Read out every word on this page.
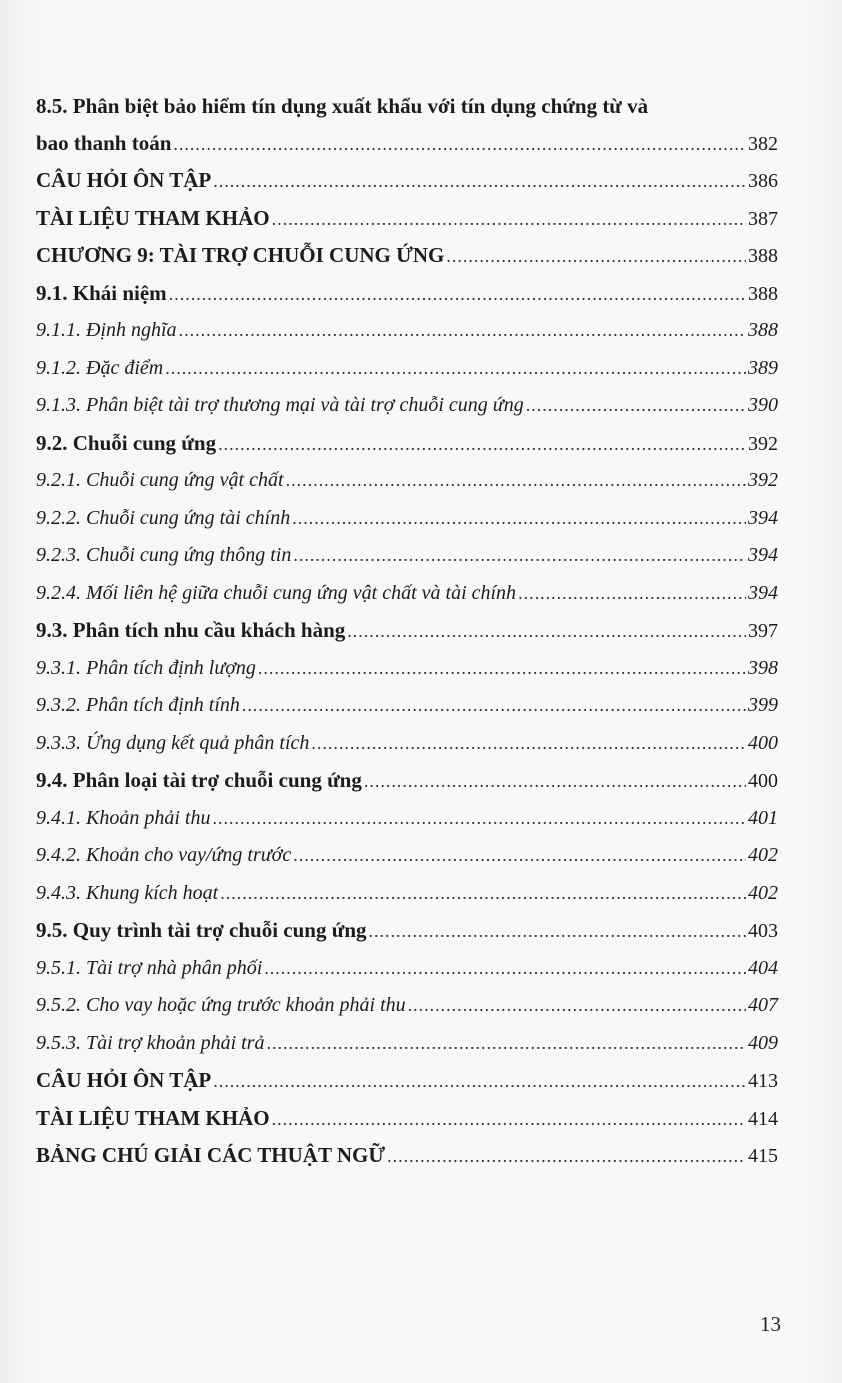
8.5. Phân biệt bảo hiểm tín dụng xuất khẩu với tín dụng chứng từ và
bao thanh toán .....	382
CÂU HỎI ÔN TẬP .....	386
TÀI LIỆU THAM KHẢO .....	387
CHƯƠNG 9: TÀI TRỢ CHUỖI CUNG ỨNG .....	388
9.1. Khái niệm .....	388
9.1.1. Định nghĩa .....	388
9.1.2. Đặc điểm .....	389
9.1.3. Phân biệt tài trợ thương mại và tài trợ chuỗi cung ứng .....	390
9.2. Chuỗi cung ứng .....	392
9.2.1. Chuỗi cung ứng vật chất .....	392
9.2.2. Chuỗi cung ứng tài chính .....	394
9.2.3. Chuỗi cung ứng thông tin .....	394
9.2.4. Mối liên hệ giữa chuỗi cung ứng vật chất và tài chính .....	394
9.3. Phân tích nhu cầu khách hàng .....	397
9.3.1. Phân tích định lượng .....	398
9.3.2. Phân tích định tính .....	399
9.3.3. Ứng dụng kết quả phân tích .....	400
9.4. Phân loại tài trợ chuỗi cung ứng .....	400
9.4.1. Khoản phải thu .....	401
9.4.2. Khoản cho vay/ứng trước .....	402
9.4.3. Khung kích hoạt .....	402
9.5. Quy trình tài trợ chuỗi cung ứng .....	403
9.5.1. Tài trợ nhà phân phối .....	404
9.5.2. Cho vay hoặc ứng trước khoản phải thu .....	407
9.5.3. Tài trợ khoản phải trả .....	409
CÂU HỎI ÔN TẬP .....	413
TÀI LIỆU THAM KHẢO .....	414
BẢNG CHÚ GIẢI CÁC THUẬT NGỮ .....	415
13
